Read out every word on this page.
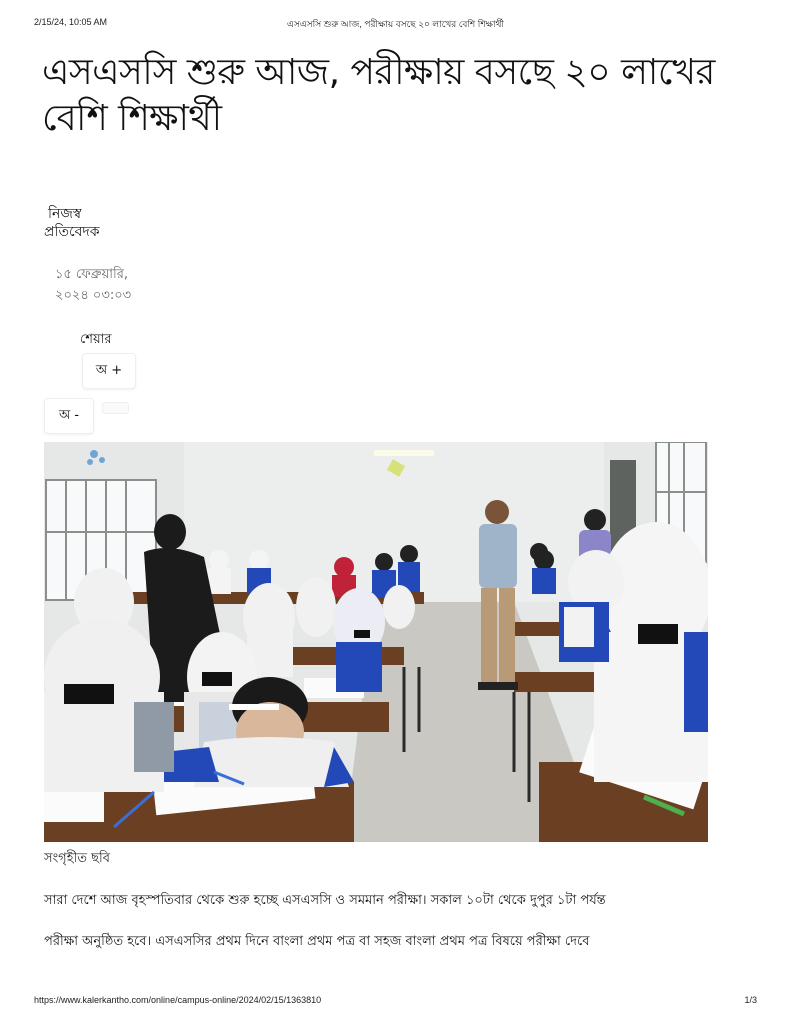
2/15/24, 10:05 AM	এসএসসি শুরু আজ, পরীক্ষায় বসছে ২০ লাখের বেশি শিক্ষার্থী
এসএসসি শুরু আজ, পরীক্ষায় বসছে ২০ লাখের বেশি শিক্ষার্থী
নিজস্ব
প্রতিবেদক
১৫ ফেব্রুয়ারি,
২০২৪ ০৩:০৩
শেয়ার
অ +
অ -
সংগৃহীত ছবি
সারা দেশে আজ বৃহস্পতিবার থেকে শুরু হচ্ছে এসএসসি ও সমমান পরীক্ষা। সকাল ১০টা থেকে দুপুর ১টা পর্যন্ত
পরীক্ষা অনুষ্ঠিত হবে। এসএসসির প্রথম দিনে বাংলা প্রথম পত্র বা সহজ বাংলা প্রথম পত্র বিষয়ে পরীক্ষা দেবে
https://www.kalerkantho.com/online/campus-online/2024/02/15/1363810	1/3
